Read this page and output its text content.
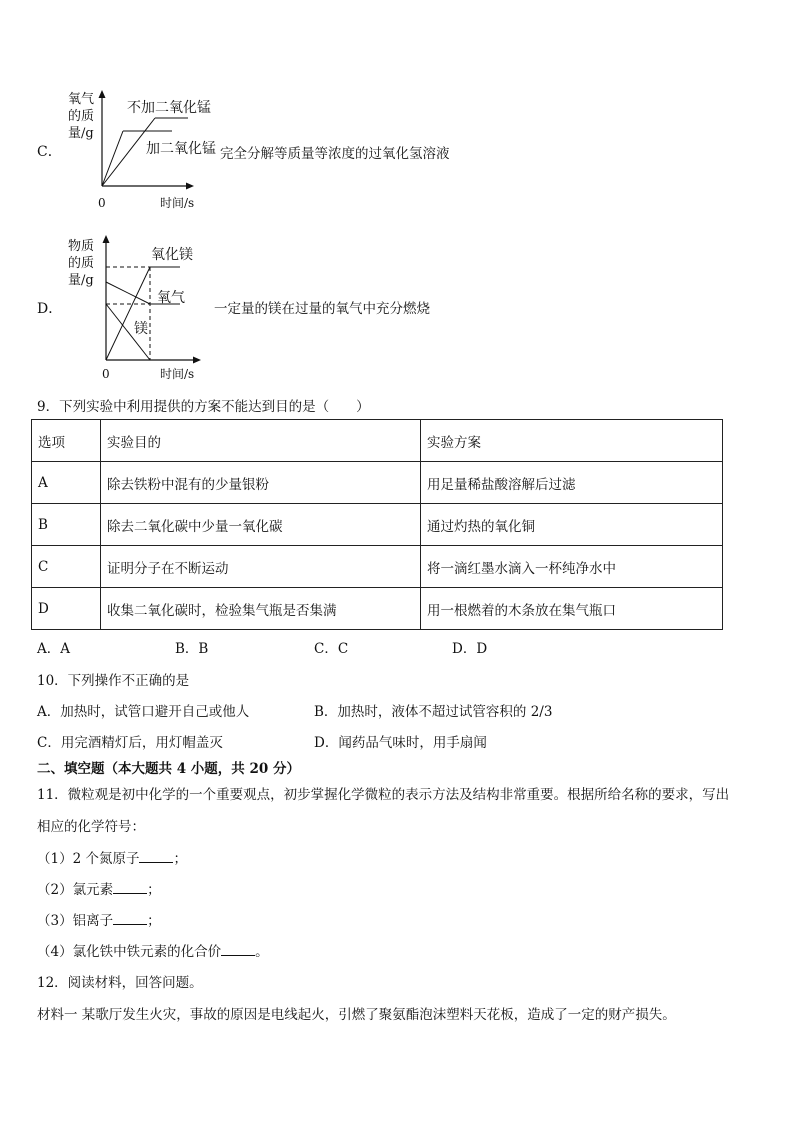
C．
氧气
的质
量/g
0	时间/s
不加二氧化锰
加二氧化锰 完全分解等质量等浓度的过氧化氢溶液
D．
物质
的质
量/g
0	时间/s
氧化镁
氧气
镁
一定量的镁在过量的氧气中充分燃烧
9．下列实验中利用提供的方案不能达到目的是（　　）
选项	实验目的	实验方案
A	除去铁粉中混有的少量银粉	用足量稀盐酸溶解后过滤
B	除去二氧化碳中少量一氧化碳	通过灼热的氧化铜
C	证明分子在不断运动	将一滴红墨水滴入一杯纯净水中
D	收集二氧化碳时，检验集气瓶是否集满	用一根燃着的木条放在集气瓶口
A．A	B．B	C．C	D．D
10．下列操作不正确的是
A．加热时，试管口避开自己或他人	B．加热时，液体不超过试管容积的 2/3
C．用完酒精灯后，用灯帽盖灭	D．闻药品气味时，用手扇闻
二、填空题（本大题共 4 小题，共 20 分）
11．微粒观是初中化学的一个重要观点，初步掌握化学微粒的表示方法及结构非常重要。根据所给名称的要求，写出
相应的化学符号：
（1）2 个氮原子	；
（2）氯元素	；
（3）铝离子	；
（4）氯化铁中铁元素的化合价	。
12．阅读材料，回答问题。
材料一 某歌厅发生火灾，事故的原因是电线起火，引燃了聚氨酯泡沫塑料天花板，造成了一定的财产损失。
